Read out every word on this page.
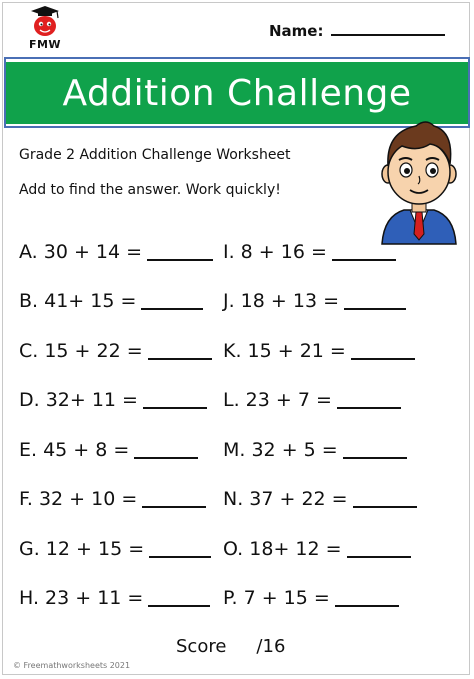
FMW
Name:
Addition Challenge
Grade 2 Addition Challenge Worksheet
Add to find the answer. Work quickly!
A. 30 + 14 =
B. 41+ 15 =
C. 15 + 22 =
D. 32+ 11 =
E. 45 + 8 =
F. 32 + 10 =
G. 12 + 15 =
H. 23 + 11 =
I. 8 + 16 =
J. 18 + 13 =
K. 15 + 21 =
L. 23 + 7 =
M. 32 + 5 =
N. 37 + 22 =
O. 18+ 12 =
P. 7 + 15 =
Score /16
© Freemathworksheets 2021
